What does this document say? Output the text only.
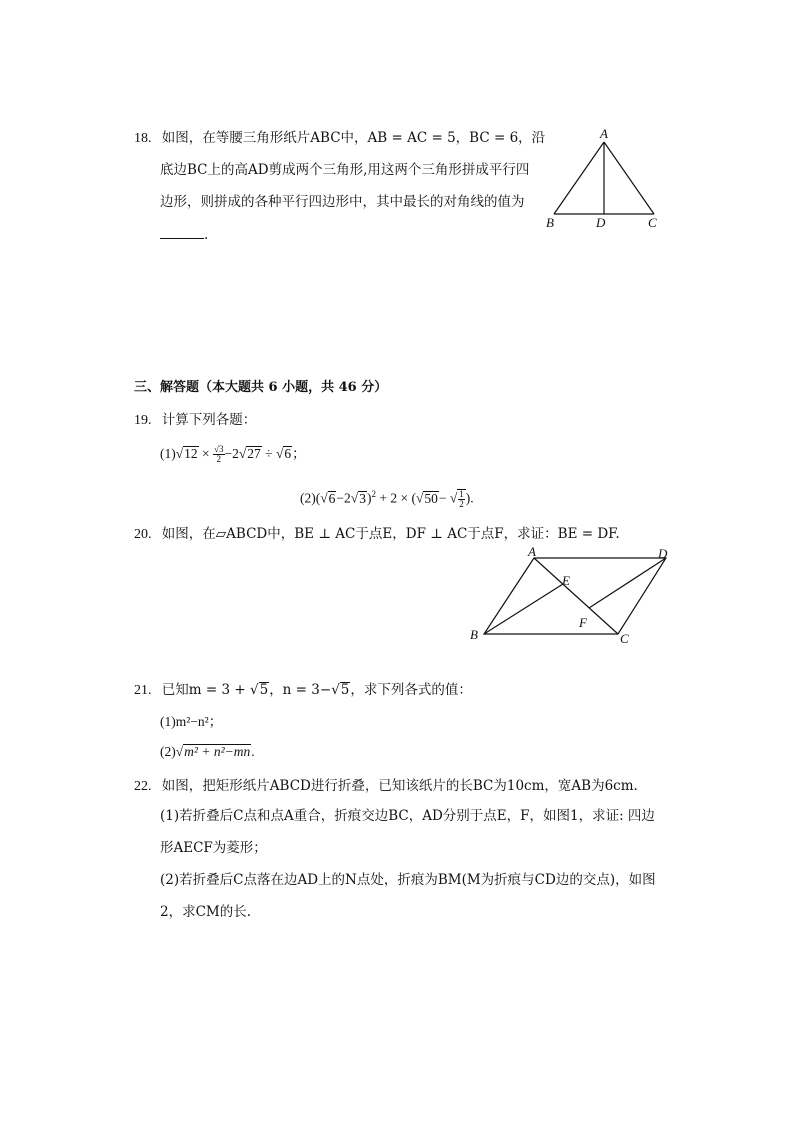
18. 如图，在等腰三角形纸片ABC中，AB = AC = 5，BC = 6，沿
底边BC上的高AD剪成两个三角形,用这两个三角形拼成平行四
边形，则拼成的各种平行四边形中，其中最长的对角线的值为
.
A
B	D	C
三、解答题（本大题共 6 小题，共 46 分）
19. 计算下列各题：
$(1)√12 \times \frac{√3}{2} -2√27 \div √6$；
$(2)(√6-2√3)^2 + 2 \times (√50-$ √ $\frac{1}{2}$ ).
20. 如图，在▱ABCD中，BE ⊥ AC于点E，DF ⊥ AC于点F，求证：BE = DF.
A	D
E
F
B	C
21. 已知m = 3 + √5，n = 3−√5，求下列各式的值：
(1)m²−n²；
(2)√m² + n²−mn.
22. 如图，把矩形纸片ABCD进行折叠，已知该纸片的长BC为10cm，宽AB为6cm.
(1)若折叠后C点和点A重合，折痕交边BC，AD分别于点E，F，如图1，求证: 四边
形AECF为菱形；
(2)若折叠后C点落在边AD上的N点处，折痕为BM(M为折痕与CD边的交点)，如图
2，求CM的长.
